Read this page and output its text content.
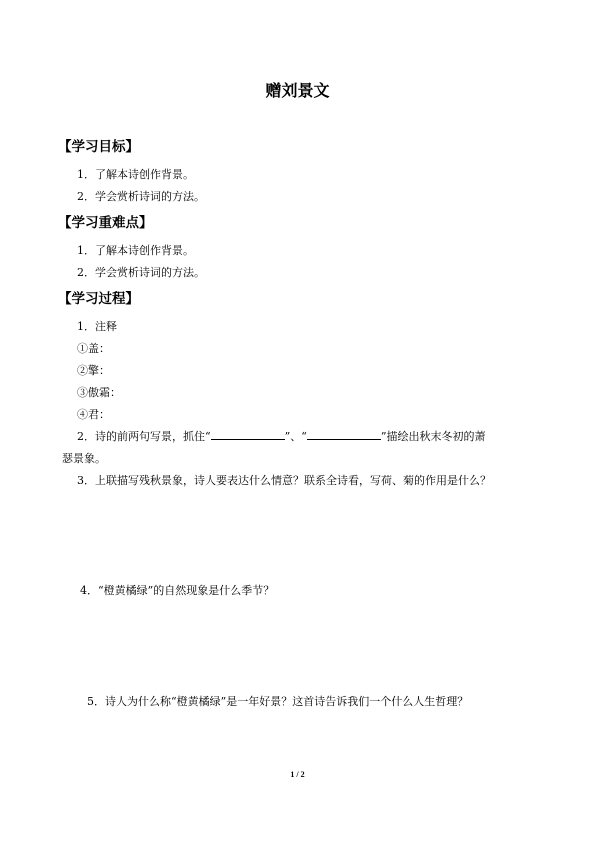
赠刘景文
【学习目标】
1．了解本诗创作背景。
2．学会赏析诗词的方法。
【学习重难点】
1．了解本诗创作背景。
2．学会赏析诗词的方法。
【学习过程】
1．注释
①盖：
②擎：
③傲霜：
④君：
2．诗的前两句写景，抓住“	”、“	”描绘出秋末冬初的萧
瑟景象。
3．上联描写残秋景象，诗人要表达什么情意？联系全诗看，写荷、菊的作用是什么？
4．“橙黄橘绿”的自然现象是什么季节？
5．诗人为什么称“橙黄橘绿”是一年好景？这首诗告诉我们一个什么人生哲理？
1 / 2
